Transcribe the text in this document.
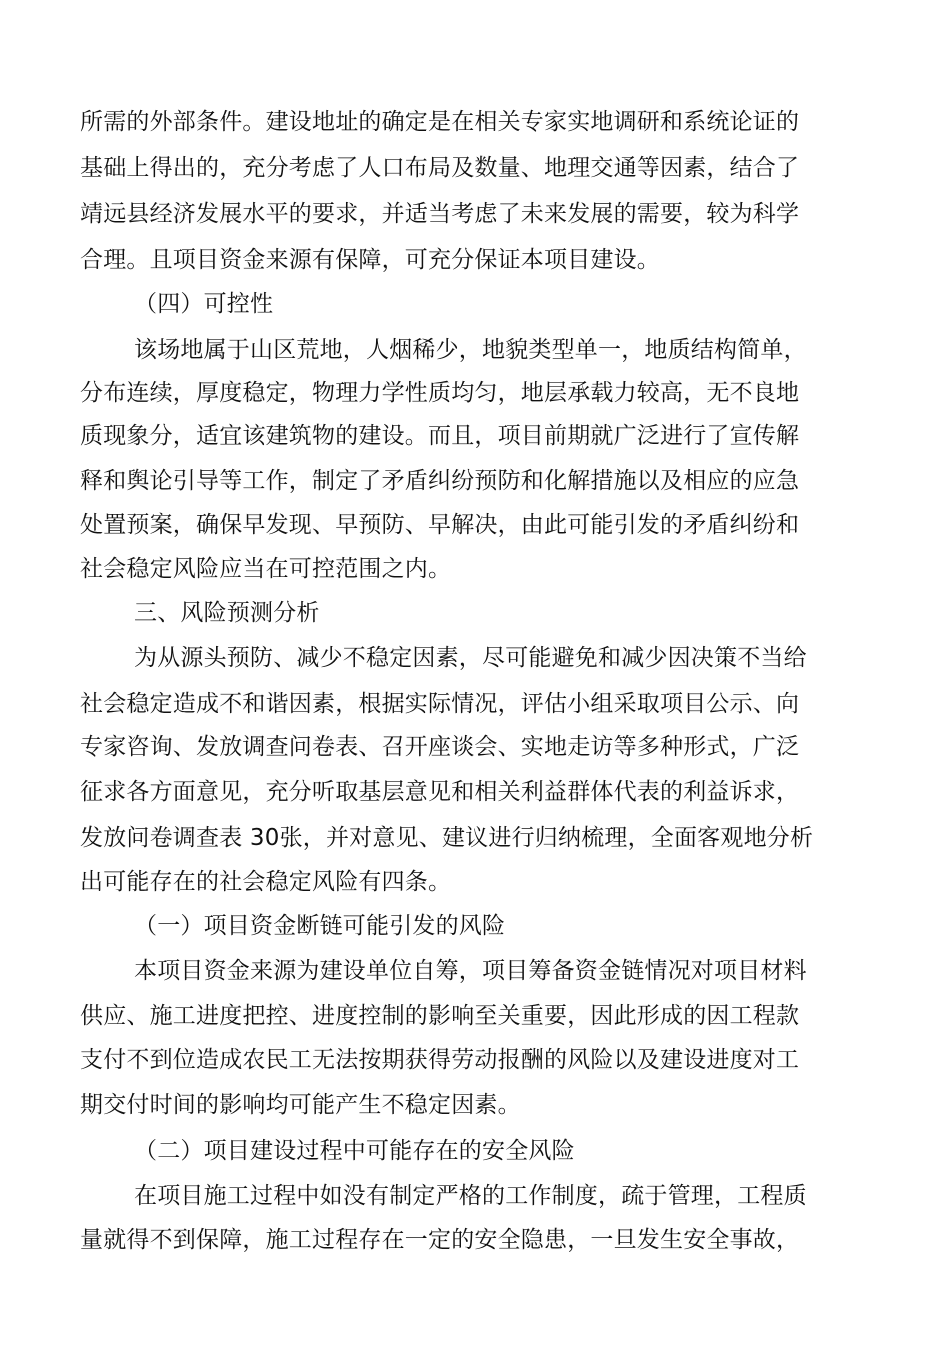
所需的外部条件。建设地址的确定是在相关专家实地调研和系统论证的
基础上得出的，充分考虑了人口布局及数量、地理交通等因素，结合了
靖远县经济发展水平的要求，并适当考虑了未来发展的需要，较为科学
合理。且项目资金来源有保障，可充分保证本项目建设。
（四）可控性
该场地属于山区荒地，人烟稀少，地貌类型单一，地质结构简单，
分布连续，厚度稳定，物理力学性质均匀，地层承载力较高，无不良地
质现象分，适宜该建筑物的建设。而且，项目前期就广泛进行了宣传解
释和舆论引导等工作，制定了矛盾纠纷预防和化解措施以及相应的应急
处置预案，确保早发现、早预防、早解决，由此可能引发的矛盾纠纷和
社会稳定风险应当在可控范围之内。
三、风险预测分析
为从源头预防、减少不稳定因素，尽可能避免和减少因决策不当给
社会稳定造成不和谐因素，根据实际情况，评估小组采取项目公示、向
专家咨询、发放调查问卷表、召开座谈会、实地走访等多种形式，广泛
征求各方面意见，充分听取基层意见和相关利益群体代表的利益诉求，
发放问卷调查表 30张，并对意见、建议进行归纳梳理，全面客观地分析
出可能存在的社会稳定风险有四条。
（一）项目资金断链可能引发的风险
本项目资金来源为建设单位自筹，项目筹备资金链情况对项目材料
供应、施工进度把控、进度控制的影响至关重要，因此形成的因工程款
支付不到位造成农民工无法按期获得劳动报酬的风险以及建设进度对工
期交付时间的影响均可能产生不稳定因素。
（二）项目建设过程中可能存在的安全风险
在项目施工过程中如没有制定严格的工作制度，疏于管理，工程质
量就得不到保障，施工过程存在一定的安全隐患，一旦发生安全事故，
